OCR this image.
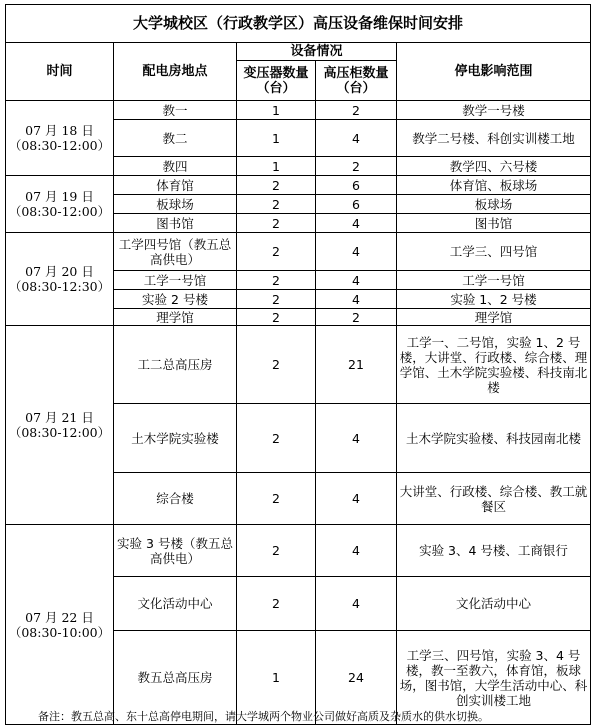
大学城校区（行政教学区）高压设备维保时间安排				
时间	配电房地点	设备情况		停电影响范围
		变压器数量（台）	高压柜数量（台）	

07 月 18 日
（08:30-12:00）	教一	1	2	教学一号楼
	教二	1	4	教学二号楼、科创实训楼工地
	教四	1	2	教学四、六号楼

07 月 19 日
（08:30-12:00）	体育馆	2	6	体育馆、板球场
	板球场	2	6	板球场
	图书馆	2	4	图书馆

07 月 20 日
（08:30-12:30）	工学四号馆（教五总高供电）	2	4	工学三、四号馆
	工学一号馆	2	4	工学一号馆
	实验 2 号楼	2	4	实验 1、2 号楼
	理学馆	2	2	理学馆

07 月 21 日
（08:30-12:00）	工二总高压房	2	21	工学一、二号馆，实验 1、2 号楼，大讲堂、行政楼、综合楼、理学馆、土木学院实验楼、科技南北楼
	土木学院实验楼	2	4	土木学院实验楼、科技园南北楼
	综合楼	2	4	大讲堂、行政楼、综合楼、教工就餐区

07 月 22 日
（08:30-10:00）	实验 3 号楼（教五总高供电）	2	4	实验 3、4 号楼、工商银行
	文化活动中心	2	4	文化活动中心
	教五总高压房	1	24	工学三、四号馆，实验 3、4 号楼，教一至教六，体育馆，板球场，图书馆，大学生活动中心、科创实训楼工地
备注：教五总高、东十总高停电期间，请大学城两个物业公司做好高质及杂质水的供水切换。
